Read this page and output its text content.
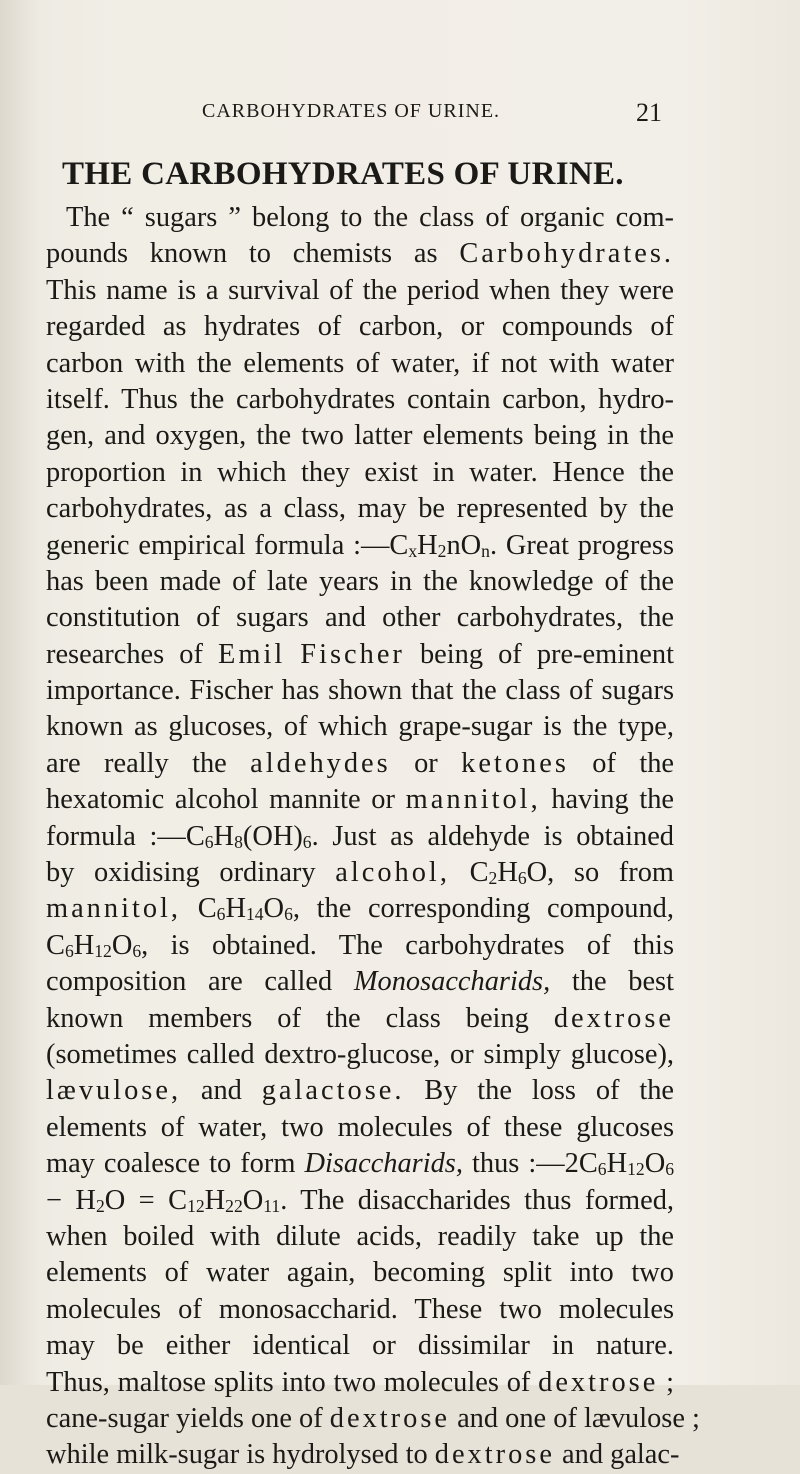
CARBOHYDRATES OF URINE.	21
THE CARBOHYDRATES OF URINE.
The “ sugars ” belong to the class of organic com-
pounds known to chemists as Carbohydrates.
This name is a survival of the period when they were
regarded as hydrates of carbon, or compounds of
carbon with the elements of water, if not with water
itself. Thus the carbohydrates contain carbon, hydro-
gen, and oxygen, the two latter elements being in the
proportion in which they exist in water. Hence the
carbohydrates, as a class, may be represented by the
generic empirical formula $:—C_xH_2nO_n$. Great progress
has been made of late years in the knowledge of the
constitution of sugars and other carbohydrates, the
researches of Emil Fischer being of pre-eminent
importance. Fischer has shown that the class of sugars
known as glucoses, of which grape-sugar is the type,
are really the aldehydes or ketones of the
hexatomic alcohol mannite or mannitol, having the
formula $:—C_6H_8(OH)_6$. Just as aldehyde is obtained
by oxidising ordinary alcohol, $C_2H_6O$, so from
mannitol, $C_6H_{14}O_6$, the corresponding compound,
$C_6H_{12}O_6$, is obtained. The carbohydrates of this
composition are called Monosaccharids, the best
known members of the class being dextrose
(sometimes called dextro-glucose, or simply glucose),
lævulose, and galactose. By the loss of the
elements of water, two molecules of these glucoses
may coalesce to form Disaccharids, thus $:—2C_6H_{12}O_6$
− $H_2O = C_{12}H_{22}O_{11}$. The disaccharides thus formed,
when boiled with dilute acids, readily take up the
elements of water again, becoming split into two
molecules of monosaccharid. These two molecules
may be either identical or dissimilar in nature.
Thus, maltose splits into two molecules of dextrose ;
cane-sugar yields one of dextrose and one of lævulose ;
while milk-sugar is hydrolysed to dextrose and galac-
